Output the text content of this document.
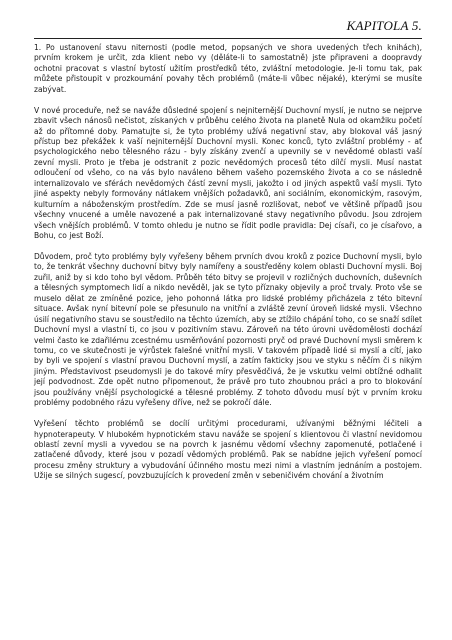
KAPITOLA 5.

1. Po ustanovení stavu niternosti (podle metod, popsaných ve shora uvedených třech knihách), prvním krokem je určit, zda klient nebo vy (děláte-li to samostatně) jste připraveni a doopravdy ochotni pracovat s vlastní bytostí užitím prostředků této, zvláštní metodologie. Je-li tomu tak, pak můžete přistoupit v prozkoumání povahy těch problémů (máte-li vůbec nějaké), kterými se musíte zabývat.

V nové proceduře, než se naváže důsledné spojení s nejniternější Duchovní myslí, je nutno se nejprve zbavit všech nánosů nečistot, získaných v průběhu celého života na planetě Nula od okamžiku početí až do přítomné doby. Pamatujte si, že tyto problémy užívá negativní stav, aby blokoval váš jasný přístup bez překážek k vaší nejniternější Duchovní mysli. Konec konců, tyto zvláštní problémy - ať psychologického nebo tělesného rázu - byly získány zvenčí a upevnily se v nevědomé oblasti vaší zevní mysli. Proto je třeba je odstranit z pozic nevědomých procesů této dílčí mysli. Musí nastat odloučení od všeho, co na vás bylo naváleno během vašeho pozemského života a co se následně internalizovalo ve sférách nevědomých částí zevní mysli, jakožto i od jiných aspektů vaší mysli. Tyto jiné aspekty nebyly formovány nátlakem vnějších požadavků, ani sociálním, ekonomickým, rasovým, kulturním a náboženským prostředím. Zde se musí jasně rozlišovat, neboť ve většině případů jsou všechny vnucené a uměle navozené a pak internalizované stavy negativního původu. Jsou zdrojem všech vnějších problémů. V tomto ohledu je nutno se řídit podle pravidla: Dej císaři, co je císařovo, a Bohu, co jest Boží.

Důvodem, proč tyto problémy byly vyřešeny během prvních dvou kroků z pozice Duchovní mysli, bylo to, že tenkrát všechny duchovní bitvy byly namířeny a soustředěny kolem oblasti Duchovní mysli. Boj zuřil, aniž by si kdo toho byl vědom. Průběh této bitvy se projevil v rozličných duchovních, duševních a tělesných symptomech lidí a nikdo nevěděl, jak se tyto příznaky objevily a proč trvaly. Proto vše se muselo dělat ze zmíněné pozice, jeho pohonná látka pro lidské problémy přicházela z této bitevní situace. Avšak nyní bitevní pole se přesunulo na vnitřní a zvláště zevní úroveň lidské mysli. Všechno úsilí negativního stavu se soustředilo na těchto územích, aby se ztížilo chápání toho, co se snaží sdílet Duchovní mysl a vlastní ti, co jsou v pozitivním stavu. Zároveň na této úrovni uvědomělosti dochází velmi často ke zdařilému zcestnému usměrňování pozornosti pryč od pravé Duchovní mysli směrem k tomu, co ve skutečnosti je výrůstek falešné vnitřní mysli. V takovém případě lidé si myslí a cítí, jako by byli ve spojení s vlastní pravou Duchovní myslí, a zatím fakticky jsou ve styku s něčím či s nikým jiným. Představivost pseudomysli je do takové míry přesvědčivá, že je vskutku velmi obtížné odhalit její podvodnost. Zde opět nutno připomenout, že právě pro tuto zhoubnou práci a pro to blokování jsou používány vnější psychologické a tělesné problémy. Z tohoto důvodu musí být v prvním kroku problémy podobného rázu vyřešeny dříve, než se pokročí dále.

Vyřešení těchto problémů se docílí určitými procedurami, užívanými běžnými léčiteli a hypnoterapeuty. V hlubokém hypnotickém stavu naváže se spojení s klientovou či vlastní nevidomou oblastí zevní mysli a vyvedou se na povrch k jasnému vědomí všechny zapomenuté, potlačené i zatlačené důvody, které jsou v pozadí vědomých problémů. Pak se nabídne jejich vyřešení pomocí procesu změny struktury a vybudování účinného mostu mezi nimi a vlastním jednáním a postojem. Užije se silných sugescí, povzbuzujících k provedení změn v sebeničivém chování a životním
